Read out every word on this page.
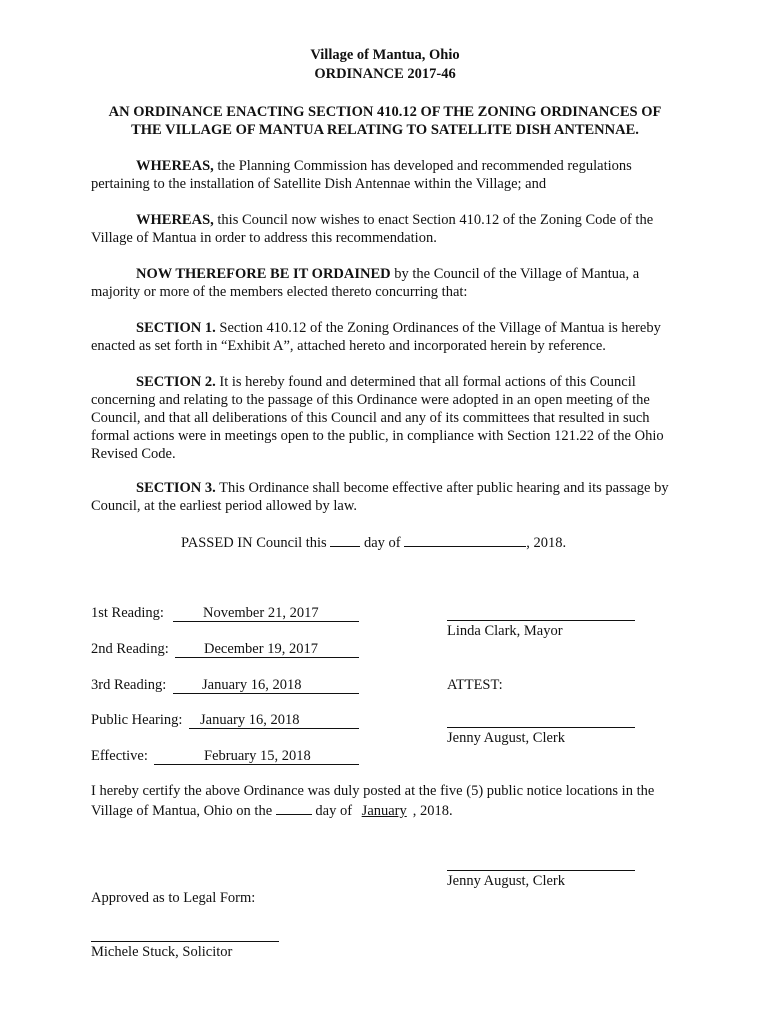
Village of Mantua, Ohio
ORDINANCE 2017-46
AN ORDINANCE ENACTING SECTION 410.12 OF THE ZONING ORDINANCES OF
THE VILLAGE OF MANTUA RELATING TO SATELLITE DISH ANTENNAE.
WHEREAS, the Planning Commission has developed and recommended regulations pertaining to the installation of Satellite Dish Antennae within the Village; and
WHEREAS, this Council now wishes to enact Section 410.12 of the Zoning Code of the Village of Mantua in order to address this recommendation.
NOW THEREFORE BE IT ORDAINED by the Council of the Village of Mantua, a majority or more of the members elected thereto concurring that:
SECTION 1. Section 410.12 of the Zoning Ordinances of the Village of Mantua is hereby enacted as set forth in “Exhibit A”, attached hereto and incorporated herein by reference.
SECTION 2. It is hereby found and determined that all formal actions of this Council concerning and relating to the passage of this Ordinance were adopted in an open meeting of the Council, and that all deliberations of this Council and any of its committees that resulted in such formal actions were in meetings open to the public, in compliance with Section 121.22 of the Ohio Revised Code.
SECTION 3. This Ordinance shall become effective after public hearing and its passage by Council, at the earliest period allowed by law.
PASSED IN Council this	day of	, 2018.
1st Reading:	November 21, 2017
2nd Reading:	December 19, 2017
3rd Reading:	January 16, 2018
Public Hearing:	January 16, 2018
Effective:	February 15, 2018
Linda Clark, Mayor
ATTEST:
Jenny August, Clerk
I hereby certify the above Ordinance was duly posted at the five (5) public notice locations in the
Village of Mantua, Ohio on the	day of January , 2018.
Jenny August, Clerk
Approved as to Legal Form:
Michele Stuck, Solicitor
